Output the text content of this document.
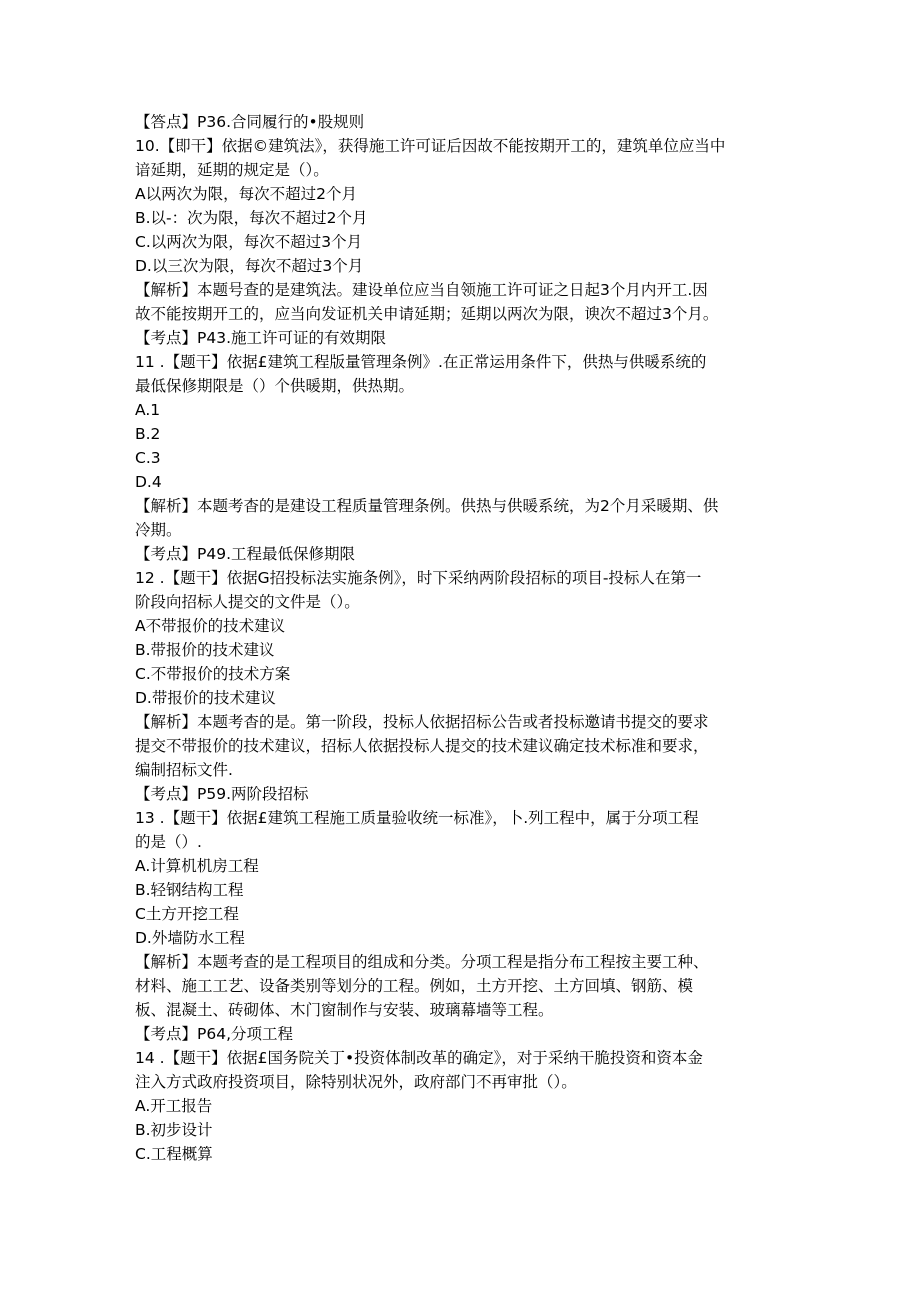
【答点】P36.合同履行的•股规则
10.【即干】依据©建筑法》，获得施工许可证后因故不能按期开工的，建筑单位应当中
谙延期，延期的规定是（）。
A以两次为限，每次不超过2个月
B.以-：次为限，每次不超过2个月
C.以两次为限，每次不超过3个月
D.以三次为限，每次不超过3个月
【解析】本题号查的是建筑法。建设单位应当自领施工许可证之日起3个月内开工.因
故不能按期开工的，应当向发证机关申请延期；延期以两次为限，谀次不超过3个月。
【考点】P43.施工许可证的有效期限
11 .【题干】依据£建筑工程版量管理条例》.在正常运用条件下，供热与供暖系统的
最低保修期限是（）个供暖期，供热期。
A.1
B.2
C.3
D.4
【解析】本题考杳的是建设工程质量管理条例。供热与供暖系统，为2个月采暖期、供
冷期。
【考点】P49.工程最低保修期限
12 .【题干】依据G招投标法实施条例》，时下采纳两阶段招标的项目-投标人在第一
阶段向招标人提交的文件是（）。
A不带报价的技术建议
B.带报价的技术建议
C.不带报价的技术方案
D.带报价的技术建议
【解析】本题考杳的是。第一阶段，投标人依据招标公告或者投标邀请书提交的要求
提交不带报价的技术建议，招标人依据投标人提交的技术建议确定技术标准和要求，
编制招标文件.
【考点】P59.两阶段招标
13 .【题干】依据£建筑工程施工质量验收统一标准》，卜.列工程中，属于分项工程
的是（）.
A.计算机机房工程
B.轻钢结构工程
C土方开挖工程
D.外墙防水工程
【解析】本题考查的是工程项目的组成和分类。分项工程是指分布工程按主要工种、
材料、施工工艺、设备类别等划分的工程。例如，土方开挖、土方回填、钢筋、模
板、混凝土、砖砌体、木门窗制作与安装、玻璃幕墙等工程。
【考点】P64,分项工程
14 .【题干】依据£国务院关丁•投资体制改革的确定》，对于采纳干脆投资和资本金
注入方式政府投资项目，除特别状况外，政府部门不再审批（）。
A.开工报告
B.初步设计
C.工程概算
